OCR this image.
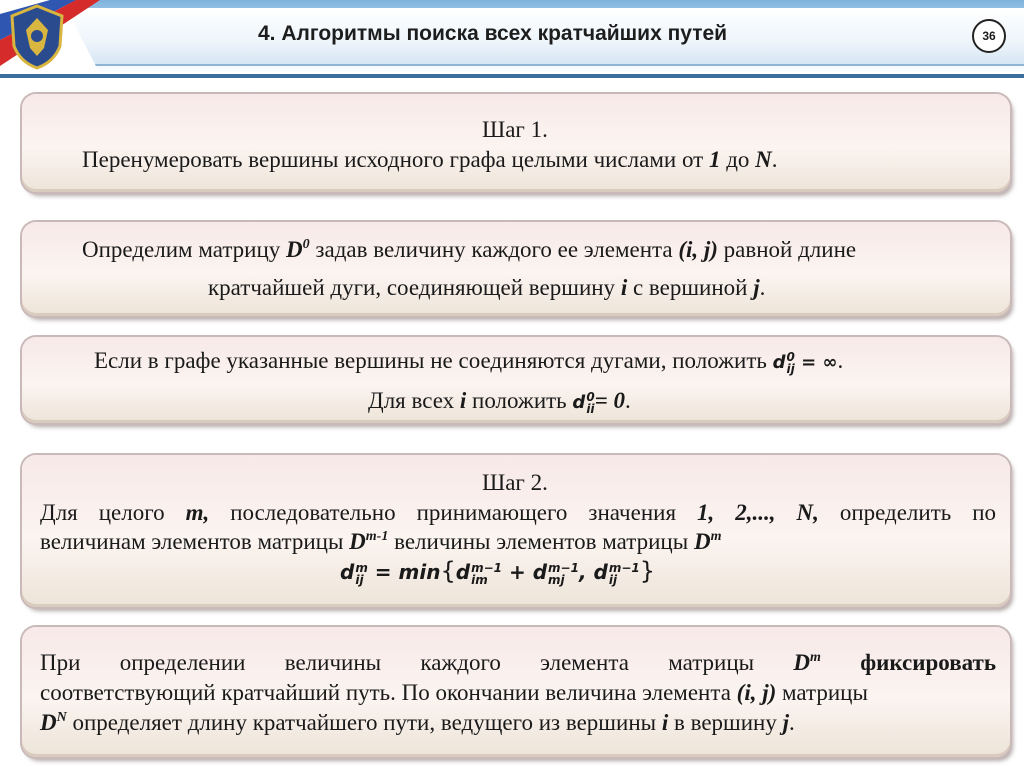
4. Алгоритмы поиска всех кратчайших путей	36
Шаг 1.
Перенумеровать вершины исходного графа целыми числами от 1 до N.
Определим матрицу $D^0$ задав величину каждого ее элемента (i, j) равной длине
кратчайшей дуги, соединяющей вершину i с вершиной j.
Если в графе указанные вершины не соединяются дугами, положить d 0
ij = ∞.
Для всех i положить d 0
ii = 0.
Шаг 2.
Для целого m, последовательно принимающего значения 1, 2,..., N, определить по
величинам элементов матрицы $D^{m-1}$ величины элементов матрицы $D^m$
d m
ij = min{d m−1
im + d m−1
mj , d m−1
ij }
При определении величины каждого элемента матрицы $D^m$ фиксировать
соответствующий кратчайший путь. По окончании величина элемента (i, j) матрицы
$D^N$ определяет длину кратчайшего пути, ведущего из вершины i в вершину j.
